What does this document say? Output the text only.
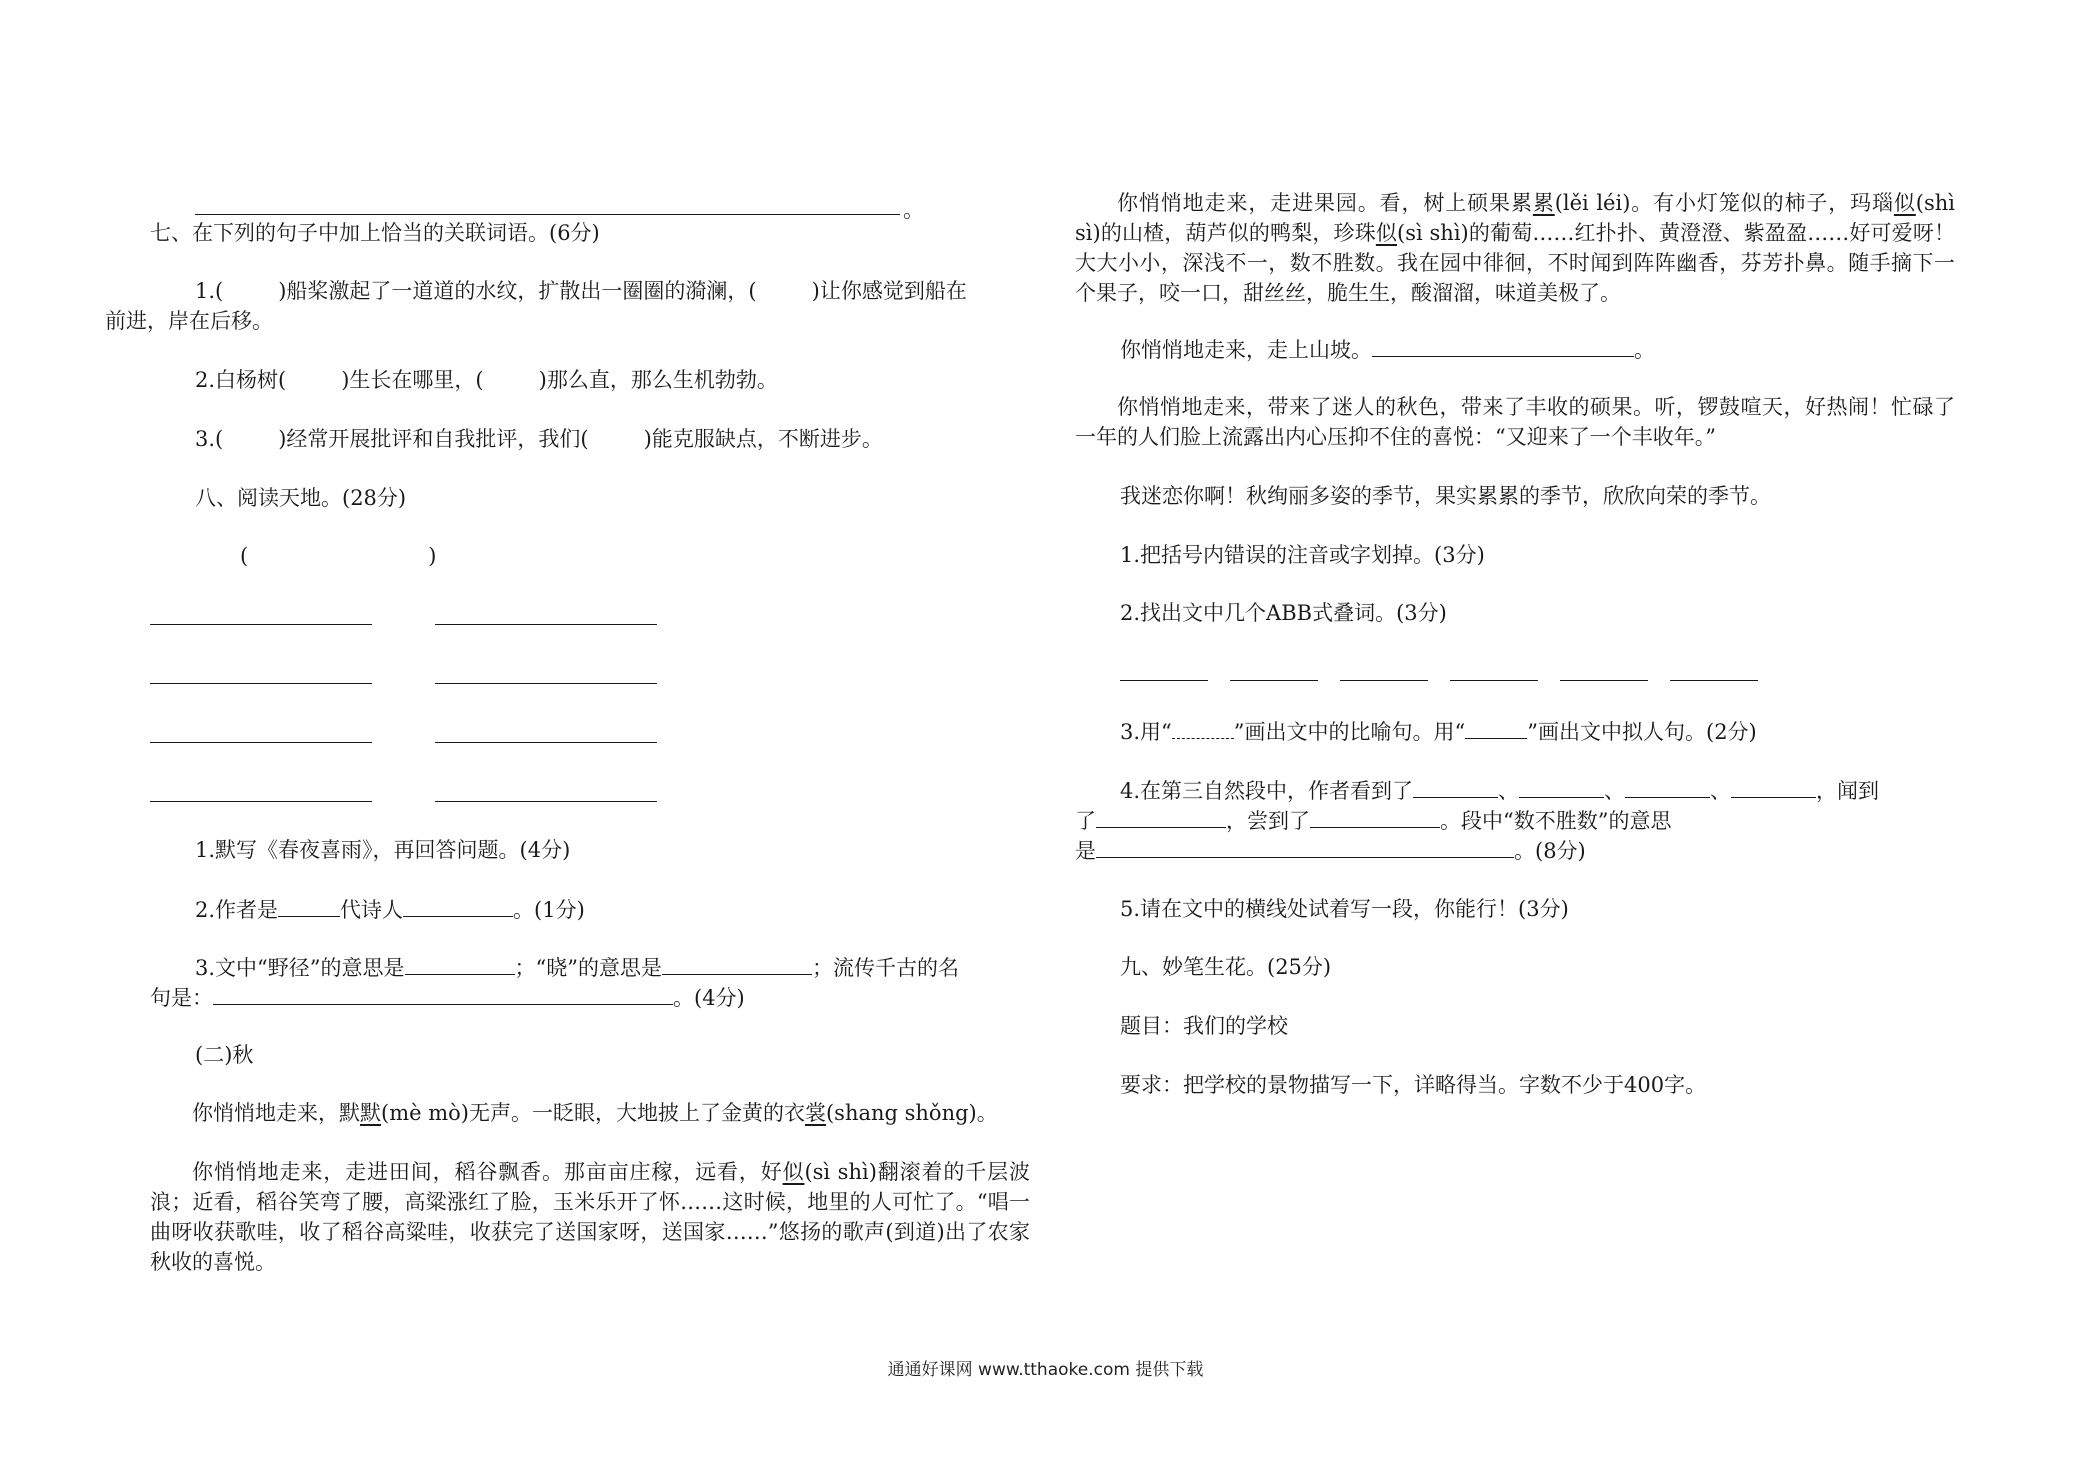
。
七、在下列的句子中加上恰当的关联词语。(6分)
1.(	)船桨激起了一道道的水纹，扩散出一圈圈的漪澜，(	)让你感觉到船在
前进，岸在后移。
2.白杨树(	)生长在哪里，(	)那么直，那么生机勃勃。
3.(	)经常开展批评和自我批评，我们(	)能克服缺点，不断进步。
八、阅读天地。(28分)
(	)
1.默写《春夜喜雨》，再回答问题。(4分)
2.作者是	代诗人	。(1分)
3.文中“野径”的意思是	；“晓”的意思是	；流传千古的名
句是：	。(4分)
(二)秋
你悄悄地走来，默默(mè mò)无声。一眨眼，大地披上了金黄的衣裳(shang shǒng)。
你悄悄地走来，走进田间，稻谷飘香。那亩亩庄稼，远看，好似(sì shì)翻滚着的千层波浪；近看，稻谷笑弯了腰，高粱涨红了脸，玉米乐开了怀……这时候，地里的人可忙了。“唱一曲呀收获歌哇，收了稻谷高粱哇，收获完了送国家呀，送国家……”悠扬的歌声(到道)出了农家秋收的喜悦。
你悄悄地走来，走进果园。看，树上硕果累累(lěi léi)。有小灯笼似的柿子，玛瑙似(shì sì)的山楂，葫芦似的鸭梨，珍珠似(sì shì)的葡萄……红扑扑、黄澄澄、紫盈盈……好可爱呀！大大小小，深浅不一，数不胜数。我在园中徘徊，不时闻到阵阵幽香，芬芳扑鼻。随手摘下一个果子，咬一口，甜丝丝，脆生生，酸溜溜，味道美极了。
你悄悄地走来，走上山坡。	。
你悄悄地走来，带来了迷人的秋色，带来了丰收的硕果。听，锣鼓喧天，好热闹！忙碌了一年的人们脸上流露出内心压抑不住的喜悦：“又迎来了一个丰收年。”
我迷恋你啊！秋绚丽多姿的季节，果实累累的季节，欣欣向荣的季节。
1.把括号内错误的注音或字划掉。(3分)
2.找出文中几个ABB式叠词。(3分)
3.用“	”画出文中的比喻句。用“	”画出文中拟人句。(2分)
4.在第三自然段中，作者看到了	、	、	、	，闻到
了	，尝到了	。段中“数不胜数”的意思
是	。(8分)
5.请在文中的横线处试着写一段，你能行！(3分)
九、妙笔生花。(25分)
题目：我们的学校
要求：把学校的景物描写一下，详略得当。字数不少于400字。
通通好课网 www.tthaoke.com 提供下载
